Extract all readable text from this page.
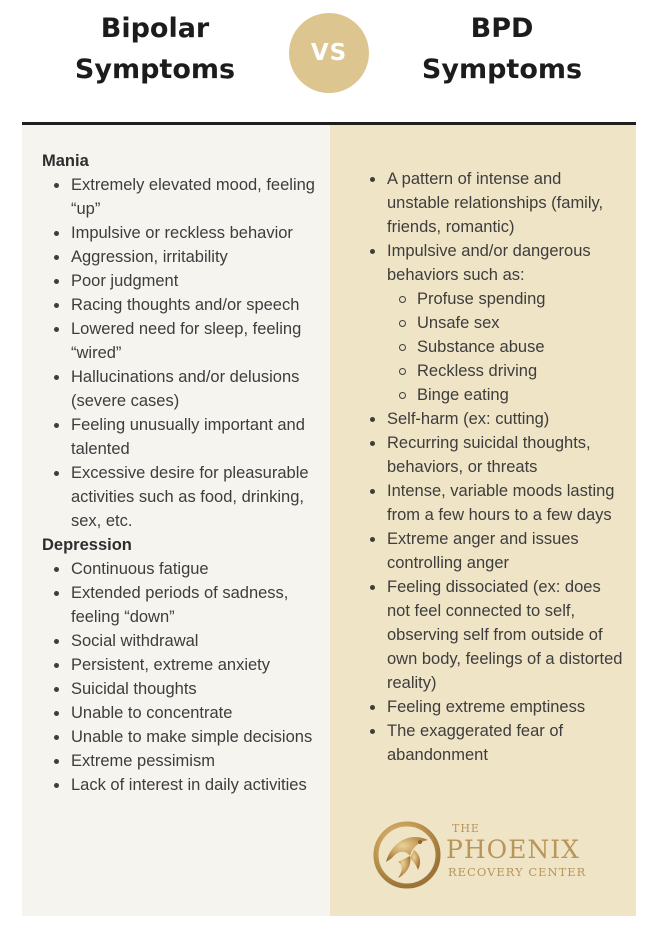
Bipolar
Symptoms
VS
BPD
Symptoms
Mania
Extremely elevated mood, feeling “up”
Impulsive or reckless behavior
Aggression, irritability
Poor judgment
Racing thoughts and/or speech
Lowered need for sleep, feeling “wired”
Hallucinations and/or delusions (severe cases)
Feeling unusually important and talented
Excessive desire for pleasurable activities such as food, drinking, sex, etc.
Depression
Continuous fatigue
Extended periods of sadness, feeling “down”
Social withdrawal
Persistent, extreme anxiety
Suicidal thoughts
Unable to concentrate
Unable to make simple decisions
Extreme pessimism
Lack of interest in daily activities
A pattern of intense and unstable relationships (family, friends, romantic)
Impulsive and/or dangerous behaviors such as:
Profuse spending
Unsafe sex
Substance abuse
Reckless driving
Binge eating
Self-harm (ex: cutting)
Recurring suicidal thoughts, behaviors, or threats
Intense, variable moods lasting from a few hours to a few days
Extreme anger and issues controlling anger
Feeling dissociated (ex: does not feel connected to self, observing self from outside of own body, feelings of a distorted reality)
Feeling extreme emptiness
The exaggerated fear of abandonment
THE
PHOENIX
RECOVERY CENTER
